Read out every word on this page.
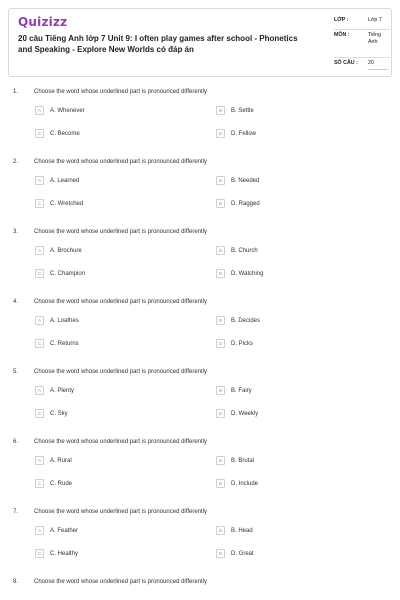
Quizizz
20 câu Tiếng Anh lớp 7 Unit 9: I often play games after school - Phonetics and Speaking - Explore New Worlds có đáp án
LỚP :	Lớp 7
MÔN :	Tiếng Anh
SỐ CÂU : 20
1.	Choose the word whose underlined part is pronounced differently
A	A. Whenever	B	B. Settle
C	C. Become	D	D. Fellow
2.	Choose the word whose underlined part is pronounced differently
A	A. Learned	B	B. Needed
C	C. Wretched	D	D. Ragged
3.	Choose the word whose underlined part is pronounced differently
A	A. Brochure	B	B. Church
C	C. Champion	D	D. Watching
4.	Choose the word whose underlined part is pronounced differently
A	A. Loathes	B	B. Decides
C	C. Returns	D	D. Picks
5.	Choose the word whose underlined part is pronounced differently
A	A. Plenty	B	B. Fairy
C	C. Sky	D	D. Weekly
6.	Choose the word whose underlined part is pronounced differently
A	A. Rural	B	B. Brutal
C	C. Rude	D	D. Include
7.	Choose the word whose underlined part is pronounced differently
A	A. Feather	B	B. Head
C	C. Healthy	D	D. Great
8.	Choose the word whose underlined part is pronounced differently
